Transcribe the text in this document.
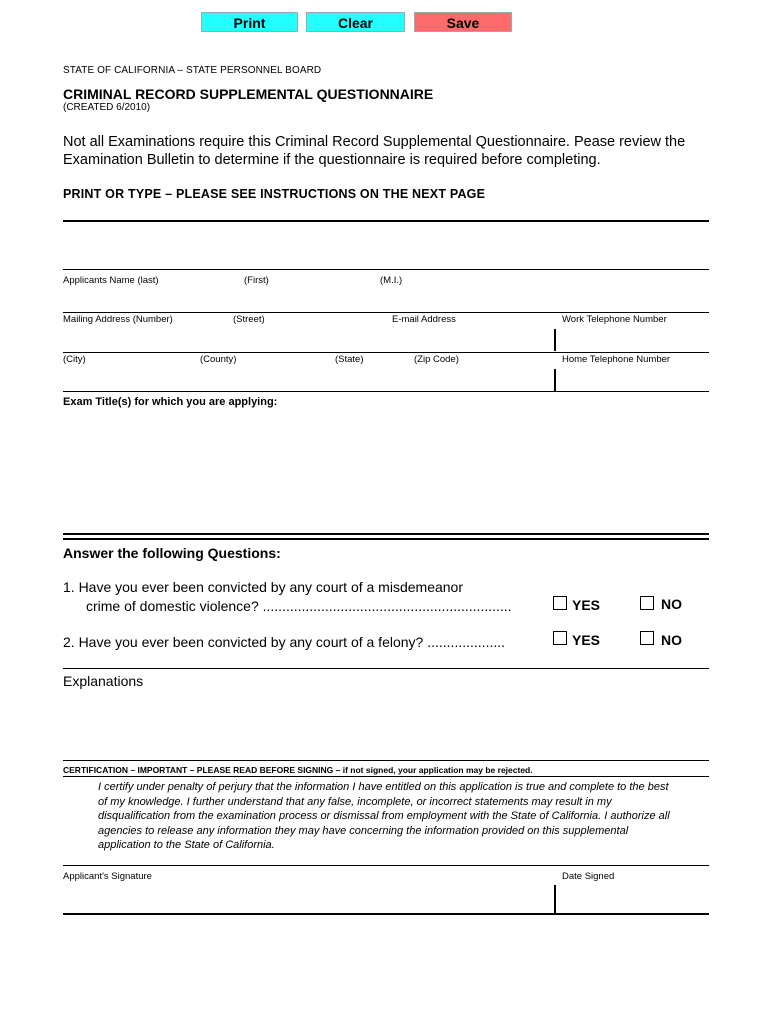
Print	Clear	Save
STATE OF CALIFORNIA – STATE PERSONNEL BOARD
CRIMINAL RECORD SUPPLEMENTAL QUESTIONNAIRE
(CREATED 6/2010)
Not all Examinations require this Criminal Record Supplemental Questionnaire. Pease review the Examination Bulletin to determine if the questionnaire is required before completing.
PRINT OR TYPE – PLEASE SEE INSTRUCTIONS ON THE NEXT PAGE
Applicants Name (last)	(First)	(M.I.)
Mailing Address (Number)	(Street)	E-mail Address	Work Telephone Number
(City)	(County)	(State)	(Zip Code)	Home Telephone Number
Exam Title(s) for which you are applying:
Answer the following Questions:
1. Have you ever been convicted by any court of a misdemeanor
crime of domestic violence? ................................................................	YES	NO
2. Have you ever been convicted by any court of a felony? ....................	YES	NO
Explanations
CERTIFICATION – IMPORTANT – PLEASE READ BEFORE SIGNING – if not signed, your application may be rejected.
I certify under penalty of perjury that the information I have entitled on this application is true and complete to the best of my knowledge. I further understand that any false, incomplete, or incorrect statements may result in my disqualification from the examination process or dismissal from employment with the State of California. I authorize all agencies to release any information they may have concerning the information provided on this supplemental application to the State of California.
Applicant's Signature	Date Signed
